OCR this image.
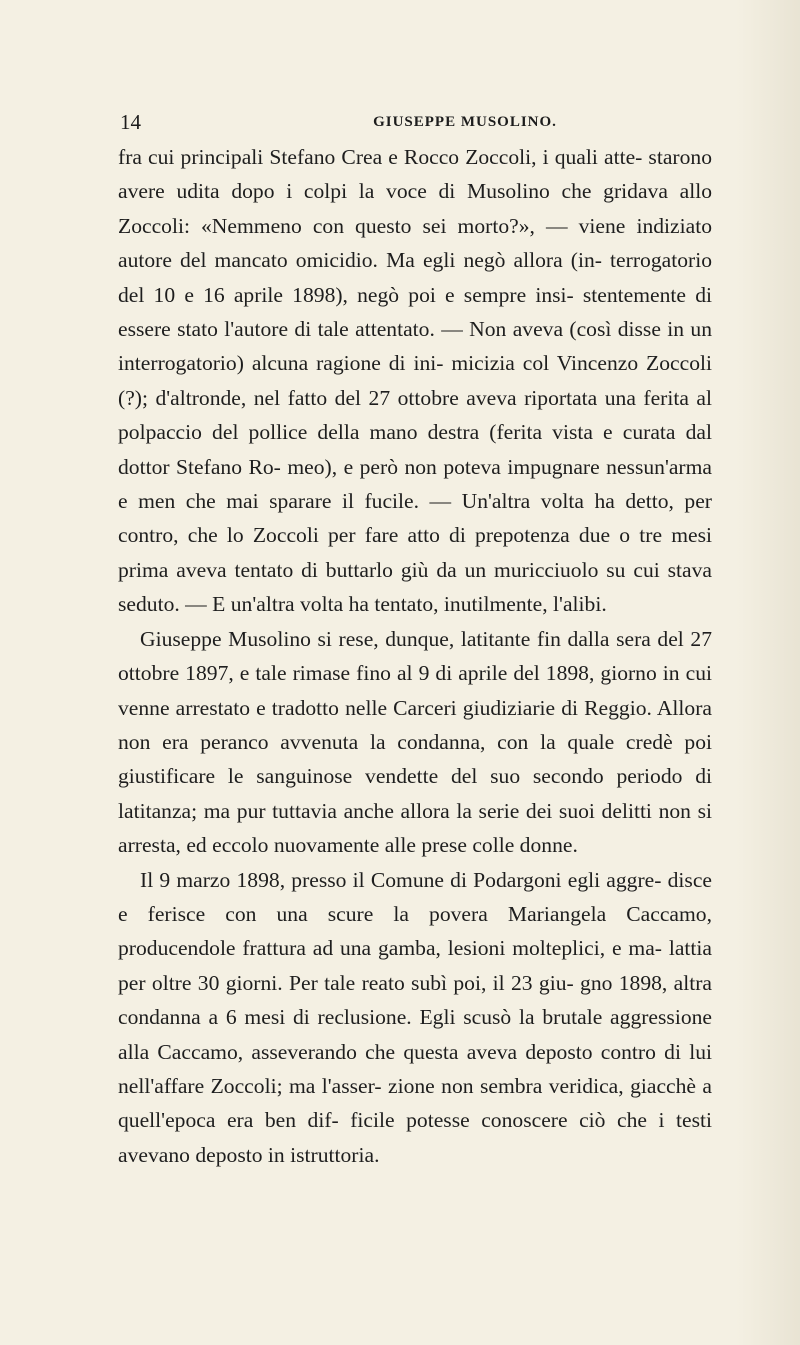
14	GIUSEPPE MUSOLINO.

fra cui principali Stefano Crea e Rocco Zoccoli, i quali atte- starono avere udita dopo i colpi la voce di Musolino che gridava allo Zoccoli: «Nemmeno con questo sei morto?», — viene indiziato autore del mancato omicidio. Ma egli negò allora (in- terrogatorio del 10 e 16 aprile 1898), negò poi e sempre insi- stentemente di essere stato l'autore di tale attentato. — Non aveva (così disse in un interrogatorio) alcuna ragione di ini- micizia col Vincenzo Zoccoli (?); d'altronde, nel fatto del 27 ottobre aveva riportata una ferita al polpaccio del pollice della mano destra (ferita vista e curata dal dottor Stefano Ro- meo), e però non poteva impugnare nessun'arma e men che mai sparare il fucile. — Un'altra volta ha detto, per contro, che lo Zoccoli per fare atto di prepotenza due o tre mesi prima aveva tentato di buttarlo giù da un muricciuolo su cui stava seduto. — E un'altra volta ha tentato, inutilmente, l'alibi.

Giuseppe Musolino si rese, dunque, latitante fin dalla sera del 27 ottobre 1897, e tale rimase fino al 9 di aprile del 1898, giorno in cui venne arrestato e tradotto nelle Carceri giudiziarie di Reggio. Allora non era peranco avvenuta la condanna, con la quale credè poi giustificare le sanguinose vendette del suo secondo periodo di latitanza; ma pur tuttavia anche allora la serie dei suoi delitti non si arresta, ed eccolo nuovamente alle prese colle donne.

Il 9 marzo 1898, presso il Comune di Podargoni egli aggre- disce e ferisce con una scure la povera Mariangela Caccamo, producendole frattura ad una gamba, lesioni molteplici, e ma- lattia per oltre 30 giorni. Per tale reato subì poi, il 23 giu- gno 1898, altra condanna a 6 mesi di reclusione. Egli scusò la brutale aggressione alla Caccamo, asseverando che questa aveva deposto contro di lui nell'affare Zoccoli; ma l'asser- zione non sembra veridica, giacchè a quell'epoca era ben dif- ficile potesse conoscere ciò che i testi avevano deposto in istruttoria.
